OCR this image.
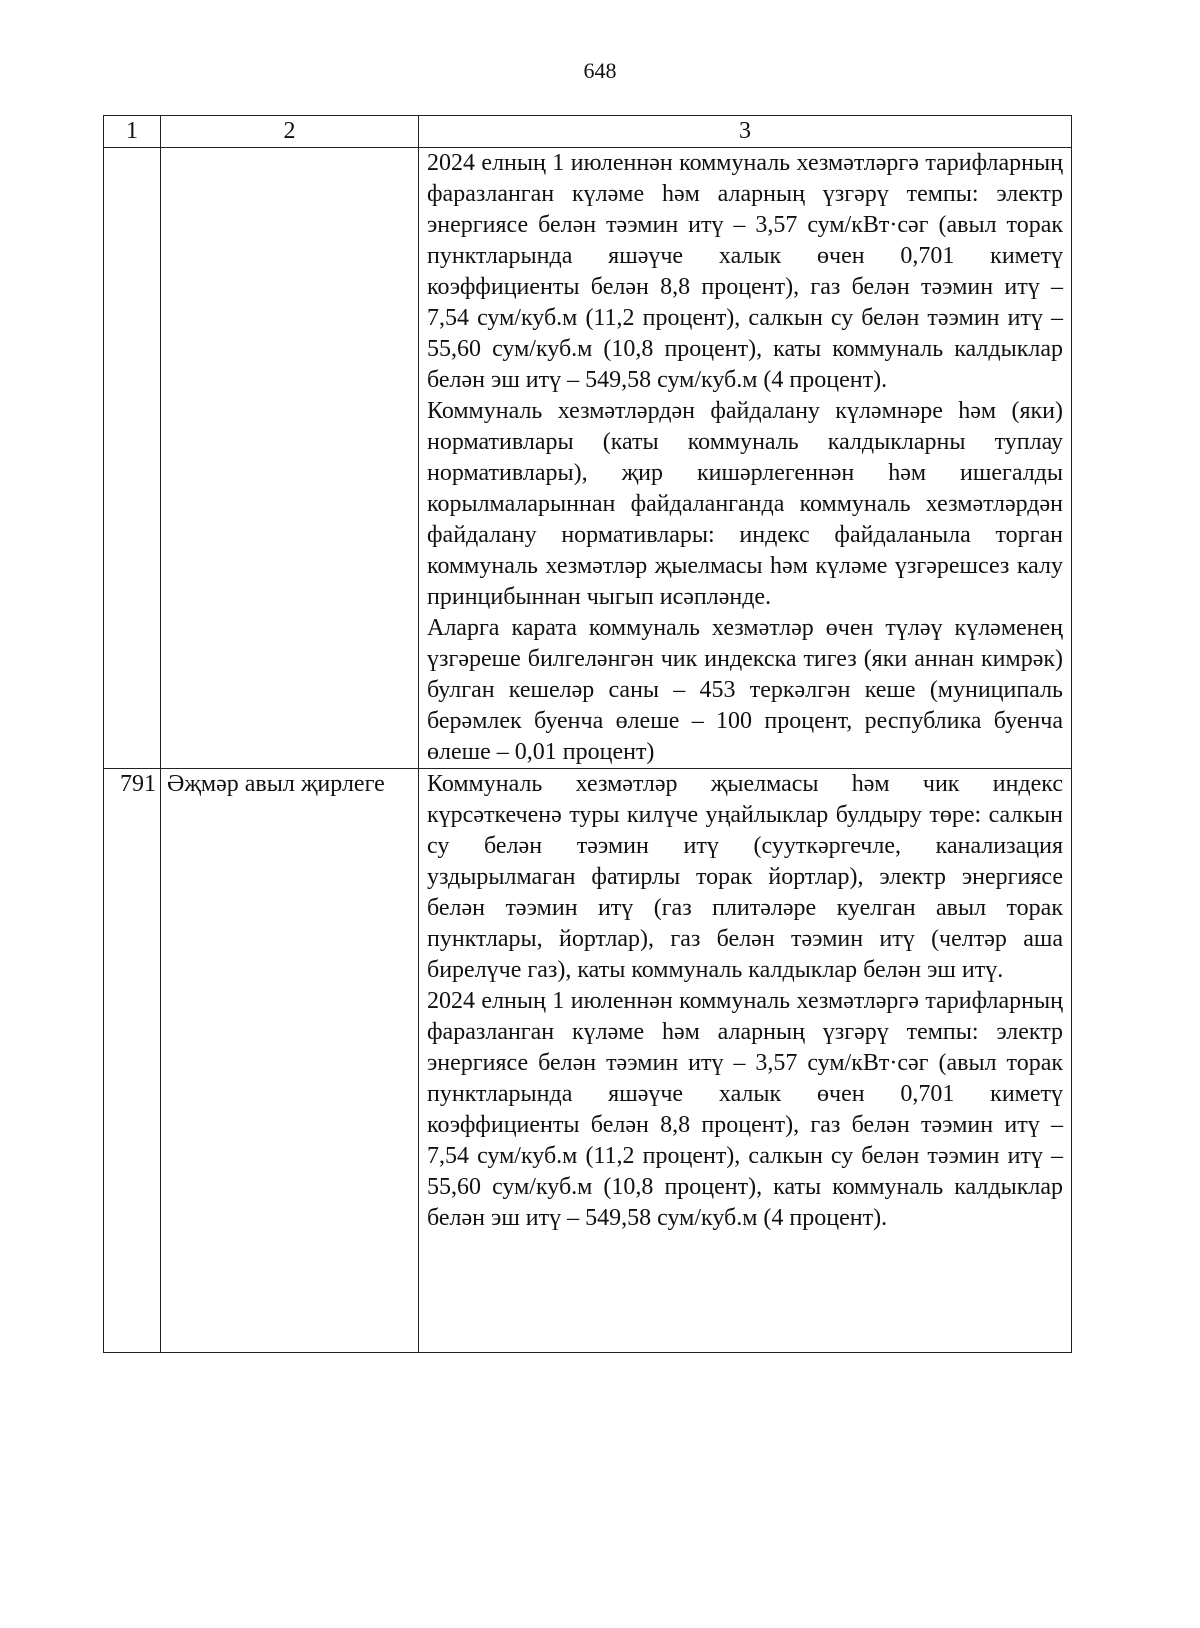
648
1	2	3

		2024 елның 1 июленнән коммуналь хезмәтләргә тарифларның фаразланган күләме һәм аларның үзгәрү темпы: электр энергиясе белән тәэмин итү – 3,57 сум/кВт·сәг (авыл торак пунктларында яшәүче халык өчен 0,701 киметү коэффициенты белән 8,8 процент), газ белән тәэмин итү – 7,54 сум/куб.м (11,2 процент), салкын су белән тәэмин итү – 55,60 сум/куб.м (10,8 процент), каты коммуналь калдыклар белән эш итү – 549,58 сум/куб.м (4 процент).

Коммуналь хезмәтләрдән файдалану күләмнәре һәм (яки) нормативлары (каты коммуналь калдыкларны туплау нормативлары), җир кишәрлегеннән һәм ишегалды корылмаларыннан файдаланганда коммуналь хезмәтләрдән файдалану нормативлары: индекс файдаланыла торган коммуналь хезмәтләр җыелмасы һәм күләме үзгәрешсез калу принцибыннан чыгып исәпләнде.

Аларга карата коммуналь хезмәтләр өчен түләү күләменең үзгәреше билгеләнгән чик индекска тигез (яки аннан кимрәк) булган кешеләр саны – 453 теркәлгән кеше (муниципаль берәмлек буенча өлеше – 100 процент, республика буенча өлеше – 0,01 процент)

791	Әҗмәр авыл җирлеге	Коммуналь хезмәтләр җыелмасы һәм чик индекс күрсәткеченә туры килүче уңайлыклар булдыру төре: салкын су белән тәэмин итү (сууткәргечле, канализация уздырылмаган фатирлы торак йортлар), электр энергиясе белән тәэмин итү (газ плитәләре куелган авыл торак пунктлары, йортлар), газ белән тәэмин итү (челтәр аша бирелүче газ), каты коммуналь калдыклар белән эш итү.

2024 елның 1 июленнән коммуналь хезмәтләргә тарифларның фаразланган күләме һәм аларның үзгәрү темпы: электр энергиясе белән тәэмин итү – 3,57 сум/кВт·сәг (авыл торак пунктларында яшәүче халык өчен 0,701 киметү коэффициенты белән 8,8 процент), газ белән тәэмин итү – 7,54 сум/куб.м (11,2 процент), салкын су белән тәэмин итү – 55,60 сум/куб.м (10,8 процент), каты коммуналь калдыклар белән эш итү – 549,58 сум/куб.м (4 процент).
